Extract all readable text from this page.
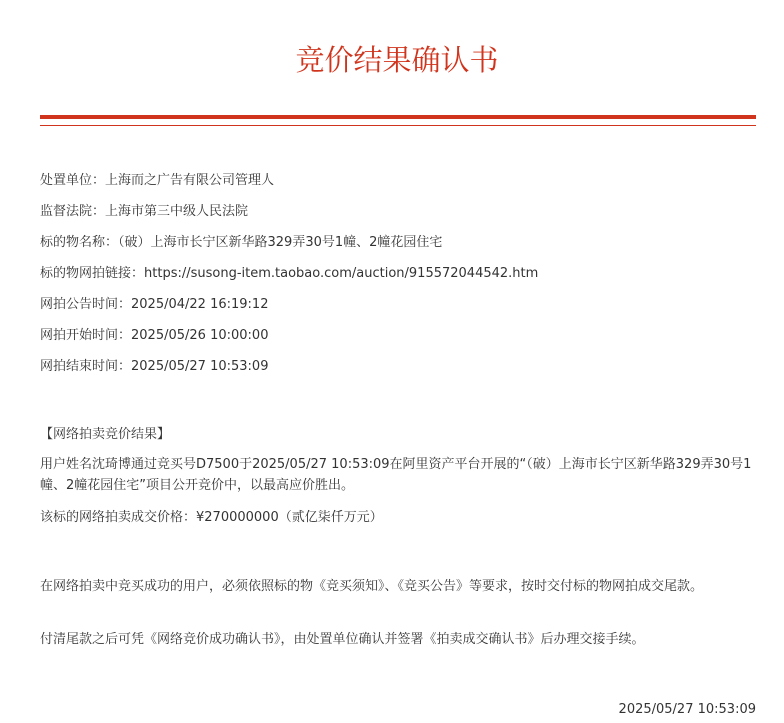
竞价结果确认书
处置单位：上海而之广告有限公司管理人
监督法院：上海市第三中级人民法院
标的物名称：（破）上海市长宁区新华路329弄30号1幢、2幢花园住宅
标的物网拍链接：https://susong-item.taobao.com/auction/915572044542.htm
网拍公告时间：2025/04/22 16:19:12
网拍开始时间：2025/05/26 10:00:00
网拍结束时间：2025/05/27 10:53:09
【网络拍卖竞价结果】
用户姓名沈琦博通过竞买号D7500于2025/05/27 10:53:09在阿里资产平台开展的“（破）上海市长宁区新华路329弄30号1幢、2幢花园住宅”项目公开竞价中，以最高应价胜出。
该标的网络拍卖成交价格：¥270000000（贰亿柒仟万元）
在网络拍卖中竞买成功的用户，必须依照标的物《竞买须知》、《竞买公告》等要求，按时交付标的物网拍成交尾款。
付清尾款之后可凭《网络竞价成功确认书》，由处置单位确认并签署《拍卖成交确认书》后办理交接手续。
2025/05/27 10:53:09
